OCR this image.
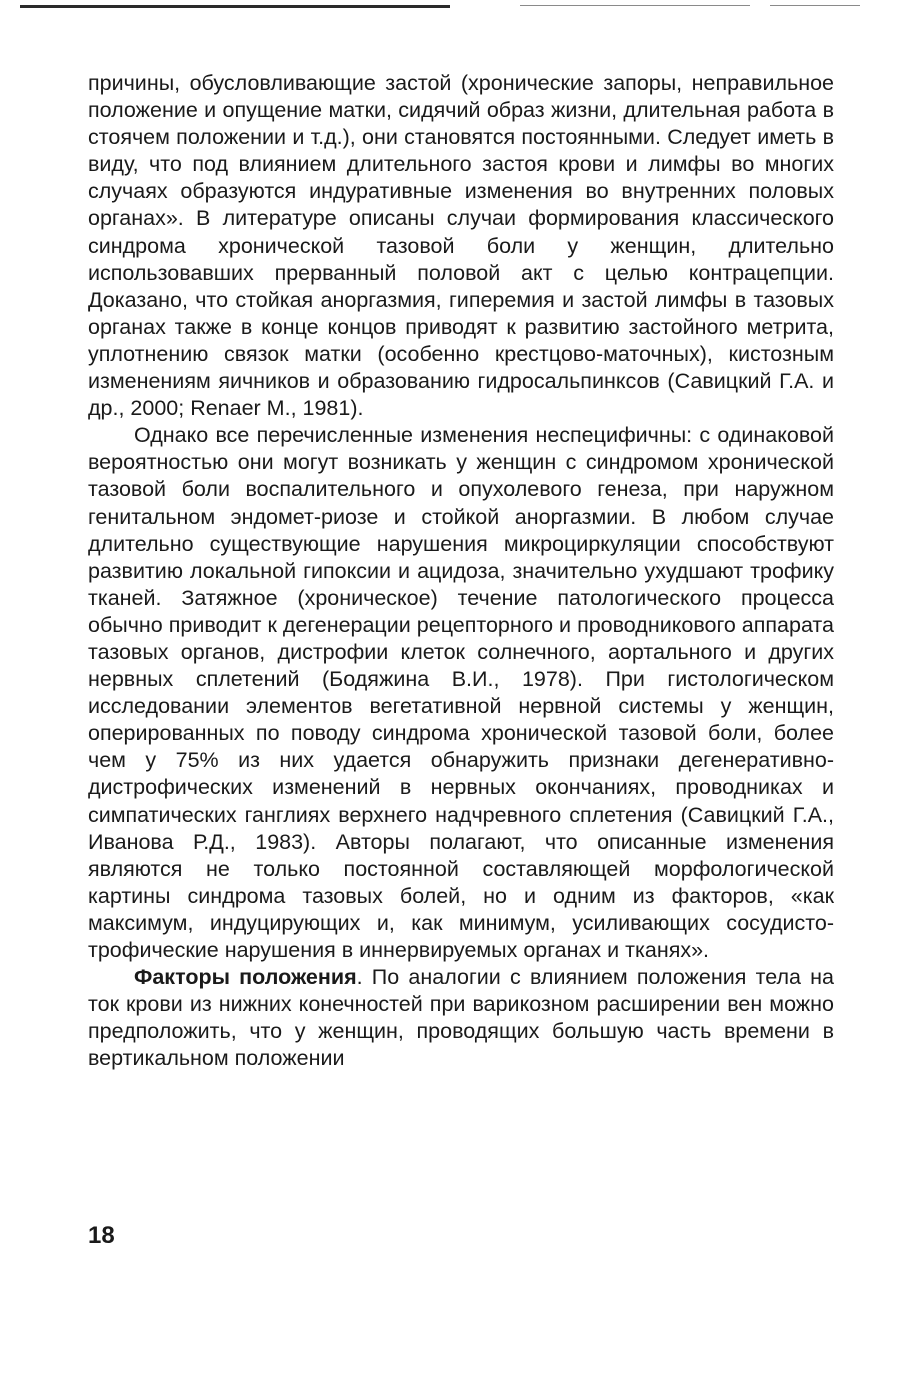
причины, обусловливающие застой (хронические запоры, неправильное положение и опущение матки, сидячий образ жизни, длительная работа в стоячем положении и т.д.), они становятся постоянными. Следует иметь в виду, что под влиянием длительного застоя крови и лимфы во многих случаях образуются индуративные изменения во внутренних половых органах». В литературе описаны случаи формирования классического синдрома хронической тазовой боли у женщин, длительно использовавших прерванный половой акт с целью контрацепции. Доказано, что стойкая аноргазмия, гиперемия и застой лимфы в тазовых органах также в конце концов приводят к развитию застойного метрита, уплотнению связок матки (особенно крестцово-маточных), кистозным изменениям яичников и образованию гидросальпинксов (Савицкий Г.А. и др., 2000; Renaer M., 1981).

Однако все перечисленные изменения неспецифичны: с одинаковой вероятностью они могут возникать у женщин с синдромом хронической тазовой боли воспалительного и опухолевого генеза, при наружном генитальном эндомет-риозе и стойкой аноргазмии. В любом случае длительно существующие нарушения микроциркуляции способствуют развитию локальной гипоксии и ацидоза, значительно ухудшают трофику тканей. Затяжное (хроническое) течение патологического процесса обычно приводит к дегенерации рецепторного и проводникового аппарата тазовых органов, дистрофии клеток солнечного, аортального и других нервных сплетений (Бодяжина В.И., 1978). При гистологическом исследовании элементов вегетативной нервной системы у женщин, оперированных по поводу синдрома хронической тазовой боли, более чем у 75% из них удается обнаружить признаки дегенеративно-дистрофических изменений в нервных окончаниях, проводниках и симпатических ганглиях верхнего надчревного сплетения (Савицкий Г.А., Иванова Р.Д., 1983). Авторы полагают, что описанные изменения являются не только постоянной составляющей морфологической картины синдрома тазовых болей, но и одним из факторов, «как максимум, индуцирующих и, как минимум, усиливающих сосудисто-трофические нарушения в иннервируемых органах и тканях».

Факторы положения. По аналогии с влиянием положения тела на ток крови из нижних конечностей при варикозном расширении вен можно предположить, что у женщин, проводящих большую часть времени в вертикальном положении

18
